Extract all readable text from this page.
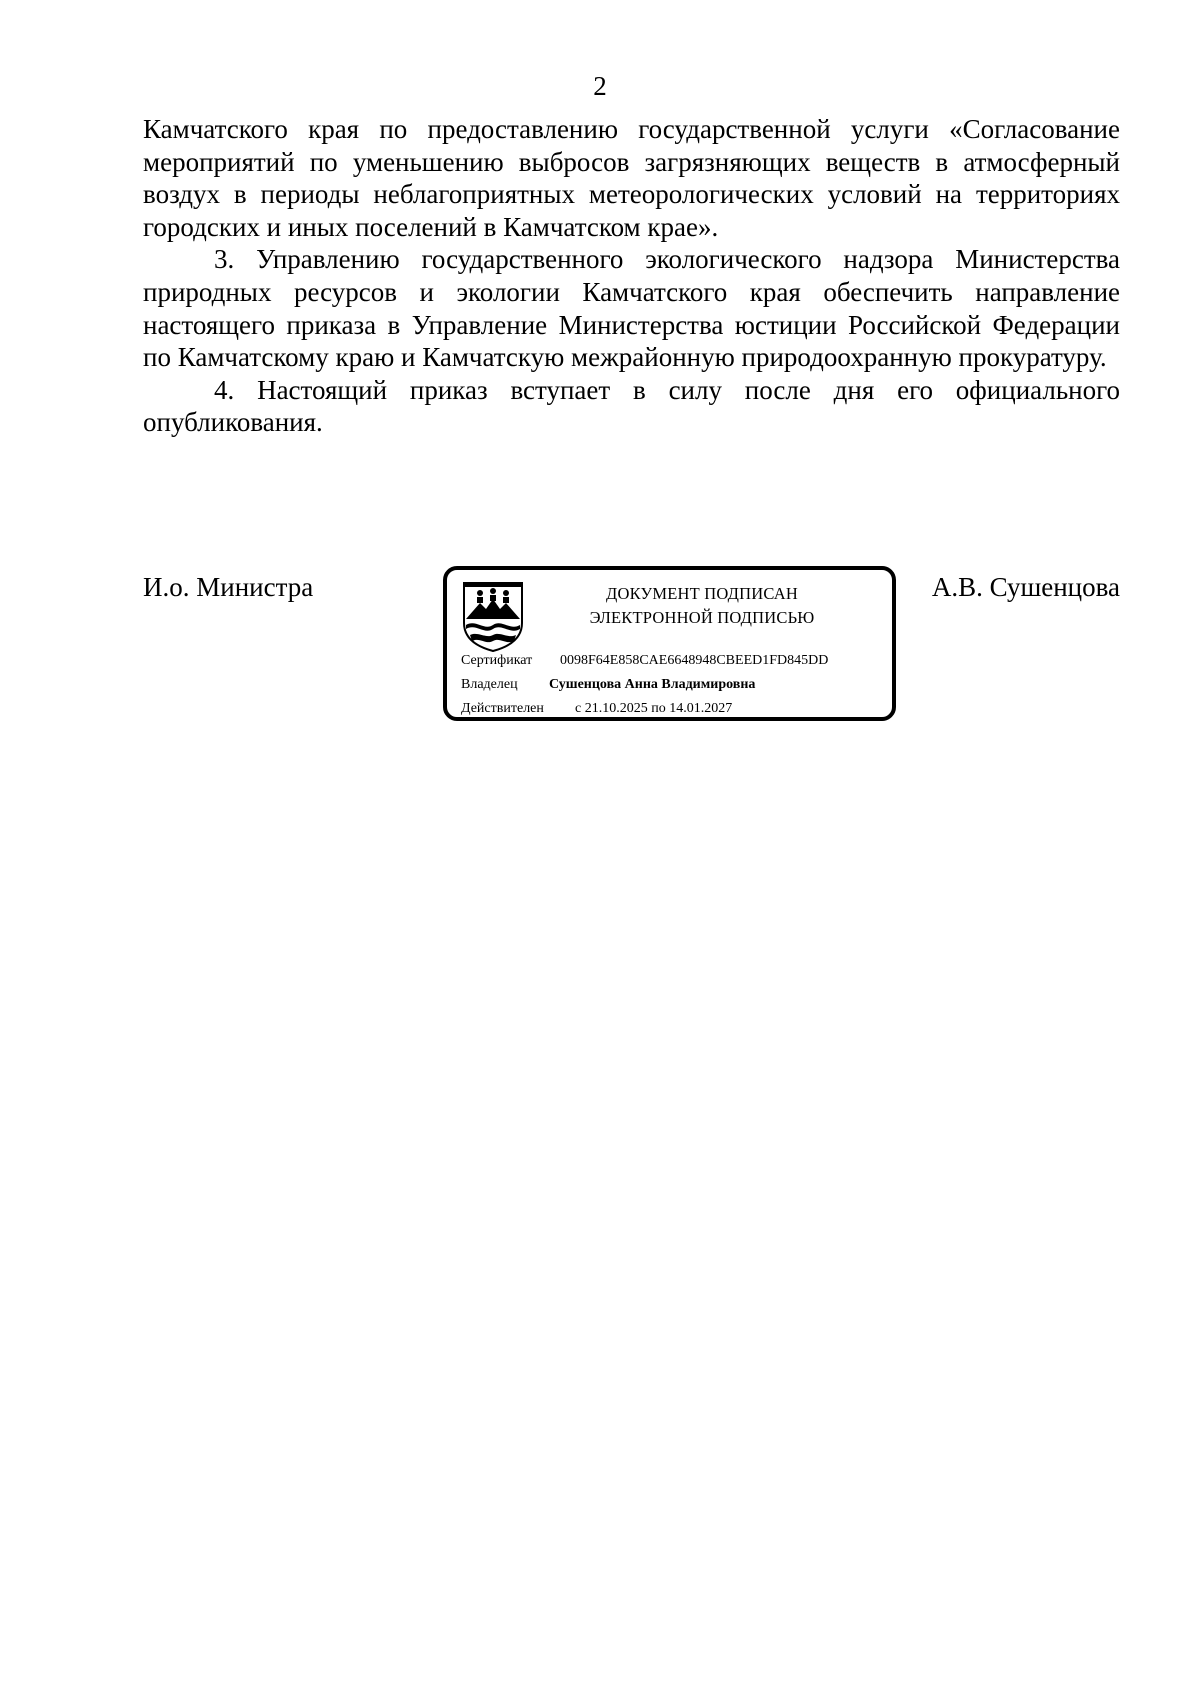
2

Камчатского края по предоставлению государственной услуги «Согласование мероприятий по уменьшению выбросов загрязняющих веществ в атмосферный воздух в периоды неблагоприятных метеорологических условий на территориях городских и иных поселений в Камчатском крае».

3. Управлению государственного экологического надзора Министерства природных ресурсов и экологии Камчатского края обеспечить направление настоящего приказа в Управление Министерства юстиции Российской Федерации по Камчатскому краю и Камчатскую межрайонную природоохранную прокуратуру.

4. Настоящий приказ вступает в силу после дня его официального опубликования.

И.о. Министра	ДОКУМЕНТ ПОДПИСАН
ЭЛЕКТРОННОЙ ПОДПИСЬЮ
Сертификат 0098F64E858CAE6648948CBEED1FD845DD
Владелец Сушенцова Анна Владимировна
Действителен с 21.10.2025 по 14.01.2027
А.В. Сушенцова
